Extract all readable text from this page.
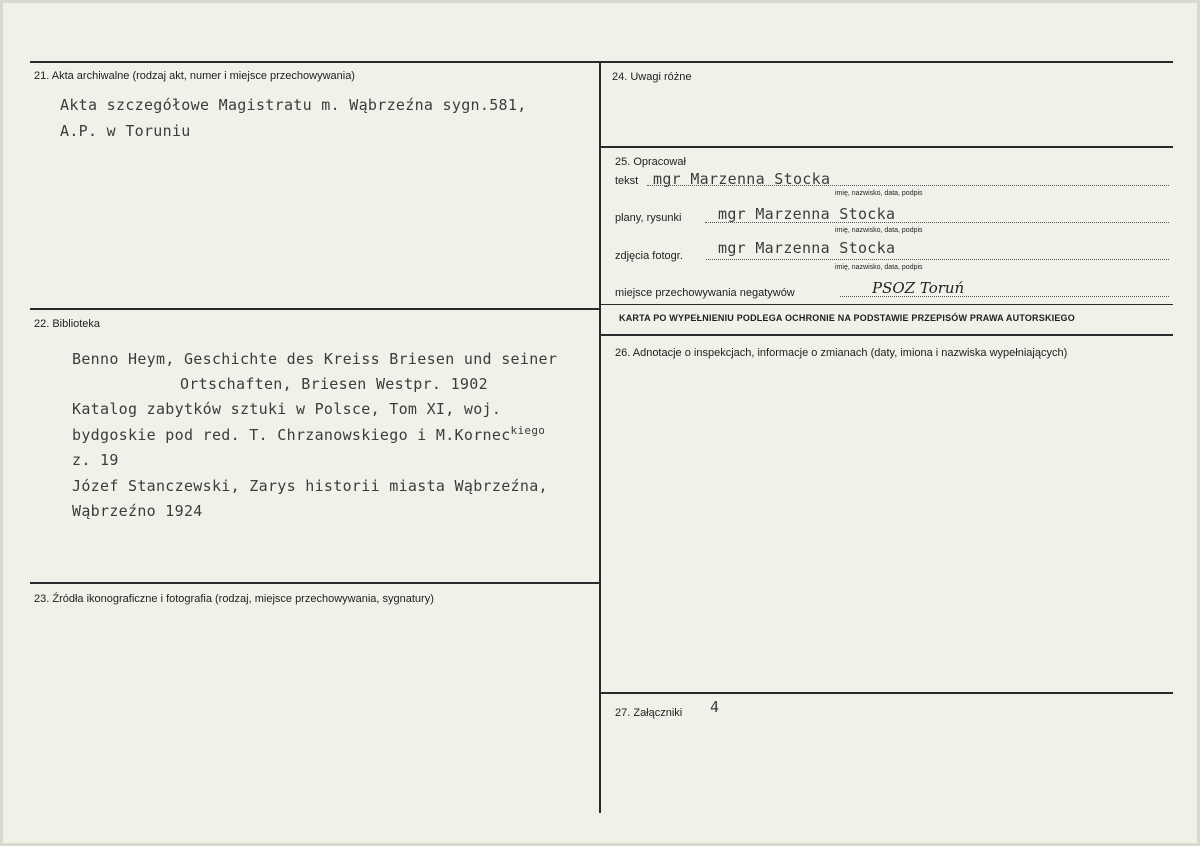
21. Akta archiwalne (rodzaj akt, numer i miejsce przechowywania)
Akta szczegółowe Magistratu m. Wąbrzeźna sygn.581,
A.P. w Toruniu
22. Biblioteka
Benno Heym, Geschichte des Kreiss Briesen und seiner
Ortschaften, Briesen Westpr. 1902
Katalog zabytków sztuki w Polsce, Tom XI, woj.
bydgoskie pod red. T. Chrzanowskiego i M.Kornec$^{kiego}$
z. 19
Józef Stanczewski, Zarys historii miasta Wąbrzeźna,
Wąbrzeźno 1924
23. Źródła ikonograficzne i fotografia (rodzaj, miejsce przechowywania, sygnatury)
24. Uwagi różne
25. Opracował
tekst mgr Marzenna Stocka
imię, nazwisko, data, podpis
plany, rysunki mgr Marzenna Stocka
imię, nazwisko, data, podpis
zdjęcia fotogr. mgr Marzenna Stocka
imię, nazwisko, data, podpis
miejsce przechowywania negatywów	PSOZ Toruń
KARTA PO WYPEŁNIENIU PODLEGA OCHRONIE NA PODSTAWIE PRZEPISÓW PRAWA AUTORSKIEGO
26. Adnotacje o inspekcjach, informacje o zmianach (daty, imiona i nazwiska wypełniających)
27. Załączniki 4
